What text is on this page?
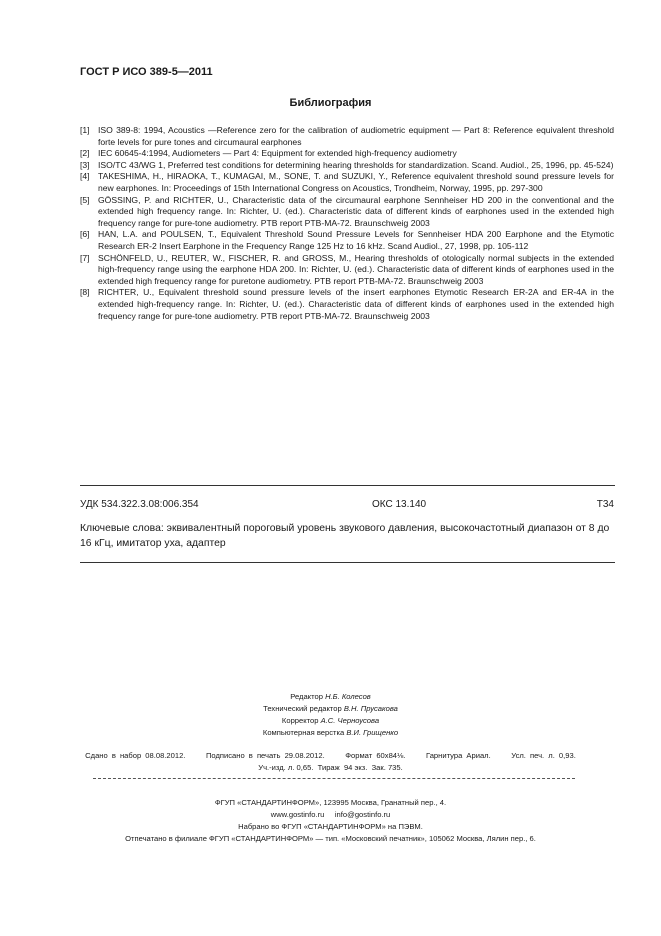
ГОСТ Р ИСО 389-5—2011
Библиография
[1] ISO 389-8: 1994, Acoustics —Reference zero for the calibration of audiometric equipment — Part 8: Reference equivalent threshold forte levels for pure tones and circumaural earphones
[2] IEC 60645-4:1994, Audiometers — Part 4: Equipment for extended high-frequency audiometry
[3] ISO/TC 43/WG 1, Preferred test conditions for determining hearing thresholds for standardization. Scand. Audiol., 25, 1996, pp. 45-524)
[4] TAKESHIMA, H., HIRAOKA, T., KUMAGAI, M., SONE, T. and SUZUKI, Y., Reference equivalent threshold sound pressure levels for new earphones. In: Proceedings of 15th International Congress on Acoustics, Trondheim, Norway, 1995, pp. 297-300
[5] GÖSSING, P. and RICHTER, U., Characteristic data of the circumaural earphone Sennheiser HD 200 in the conventional and the extended high frequency range. In: Richter, U. (ed.). Characteristic data of different kinds of earphones used in the extended high frequency range for pure-tone audiometry. PTB report PTB-MA-72. Braunschweig 2003
[6] HAN, L.A. and POULSEN, T., Equivalent Threshold Sound Pressure Levels for Sennheiser HDA 200 Earphone and the Etymotic Research ER-2 Insert Earphone in the Frequency Range 125 Hz to 16 kHz. Scand Audiol., 27, 1998, pp. 105-112
[7] SCHÖNFELD, U., REUTER, W., FISCHER, R. and GROSS, M., Hearing thresholds of otologically normal subjects in the extended high-frequency range using the earphone HDA 200. In: Richter, U. (ed.). Characteristic data of different kinds of earphones used in the extended high frequency range for puretone audiometry. PTB report PTB-MA-72. Braunschweig 2003
[8] RICHTER, U., Equivalent threshold sound pressure levels of the insert earphones Etymotic Research ER-2A and ER-4A in the extended high-frequency range. In: Richter, U. (ed.). Characteristic data of different kinds of earphones used in the extended high frequency range for pure-tone audiometry. PTB report PTB-MA-72. Braunschweig 2003
УДК 534.322.3.08:006.354	ОКС 13.140	Т34
Ключевые слова: эквивалентный пороговый уровень звукового давления, высокочастотный диапазон от 8 до 16 кГц, имитатор уха, адаптер
Редактор Н.Б. Колесов
Технический редактор В.Н. Прусакова
Корректор А.С. Черноусова
Компьютерная верстка В.И. Грищенко
Сдано в набор 08.08.2012.     Подписано в печать 29.08.2012.     Формат 60x84⅛.     Гарнитура Ариал.     Усл. печ. л. 0,93.
Уч.-изд. л. 0,65.  Тираж  94 экз.  Зак. 735.
ФГУП «СТАНДАРТИНФОРМ», 123995 Москва, Гранатный пер., 4.
www.gostinfo.ru     info@gostinfo.ru
Набрано во ФГУП «СТАНДАРТИНФОРМ» на ПЭВМ.
Отпечатано в филиале ФГУП «СТАНДАРТИНФОРМ» — тип. «Московский печатник», 105062 Москва, Лялин пер., 6.
